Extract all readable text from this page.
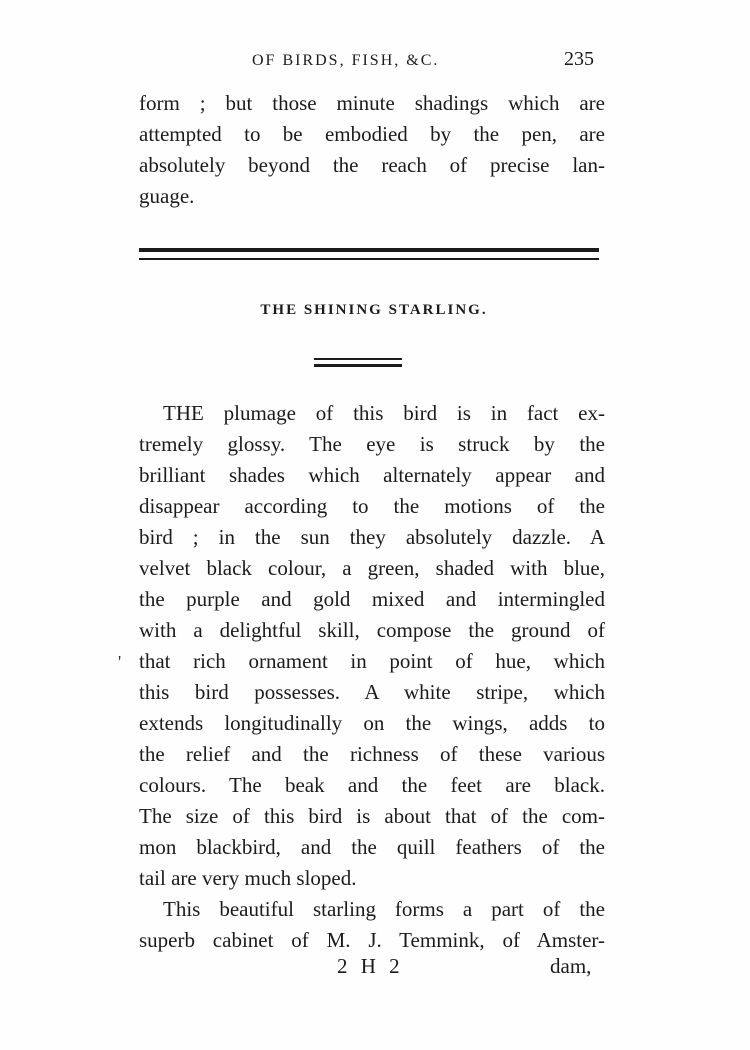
OF BIRDS, FISH, &C.	235
form ; but those minute shadings which are
attempted to be embodied by the pen, are
absolutely beyond the reach of precise lan-
guage.
THE SHINING STARLING.
THE plumage of this bird is in fact ex-
tremely glossy. The eye is struck by the
brilliant shades which alternately appear and
disappear according to the motions of the
bird ; in the sun they absolutely dazzle. A
velvet black colour, a green, shaded with blue,
the purple and gold mixed and intermingled
with a delightful skill, compose the ground of
that rich ornament in point of hue, which
this bird possesses. A white stripe, which
extends longitudinally on the wings, adds to
the relief and the richness of these various
colours. The beak and the feet are black.
The size of this bird is about that of the com-
mon blackbird, and the quill feathers of the
tail are very much sloped.
This beautiful starling forms a part of the
superb cabinet of M. J. Temmink, of Amster-
'
2 H 2	dam,
